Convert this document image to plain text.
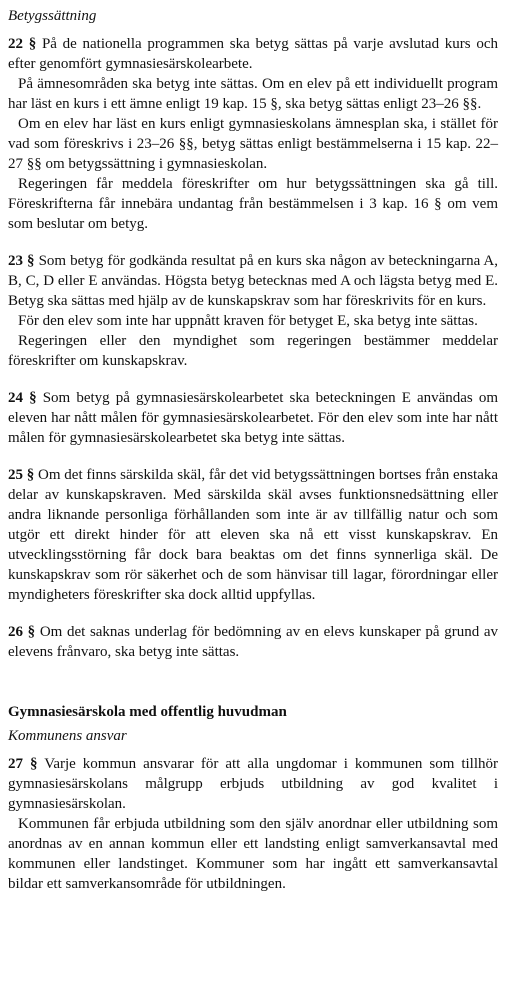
Betygssättning

22 § På de nationella programmen ska betyg sättas på varje avslutad kurs och efter genomfört gymnasiesärskolearbete.

På ämnesområden ska betyg inte sättas. Om en elev på ett individuellt program har läst en kurs i ett ämne enligt 19 kap. 15 §, ska betyg sättas enligt 23–26 §§.

Om en elev har läst en kurs enligt gymnasieskolans ämnesplan ska, i stället för vad som föreskrivs i 23–26 §§, betyg sättas enligt bestämmelserna i 15 kap. 22–27 §§ om betygssättning i gymnasieskolan.

Regeringen får meddela föreskrifter om hur betygssättningen ska gå till. Föreskrifterna får innebära undantag från bestämmelsen i 3 kap. 16 § om vem som beslutar om betyg.

23 § Som betyg för godkända resultat på en kurs ska någon av beteckningarna A, B, C, D eller E användas. Högsta betyg betecknas med A och lägsta betyg med E. Betyg ska sättas med hjälp av de kunskapskrav som har föreskrivits för en kurs.

För den elev som inte har uppnått kraven för betyget E, ska betyg inte sättas.

Regeringen eller den myndighet som regeringen bestämmer meddelar föreskrifter om kunskapskrav.

24 § Som betyg på gymnasiesärskolearbetet ska beteckningen E användas om eleven har nått målen för gymnasiesärskolearbetet. För den elev som inte har nått målen för gymnasiesärskolearbetet ska betyg inte sättas.

25 § Om det finns särskilda skäl, får det vid betygssättningen bortses från enstaka delar av kunskapskraven. Med särskilda skäl avses funktionsnedsättning eller andra liknande personliga förhållanden som inte är av tillfällig natur och som utgör ett direkt hinder för att eleven ska nå ett visst kunskapskrav. En utvecklingsstörning får dock bara beaktas om det finns synnerliga skäl. De kunskapskrav som rör säkerhet och de som hänvisar till lagar, förordningar eller myndigheters föreskrifter ska dock alltid uppfyllas.

26 § Om det saknas underlag för bedömning av en elevs kunskaper på grund av elevens frånvaro, ska betyg inte sättas.

Gymnasiesärskola med offentlig huvudman
Kommunens ansvar

27 § Varje kommun ansvarar för att alla ungdomar i kommunen som tillhör gymnasiesärskolans målgrupp erbjuds utbildning av god kvalitet i gymnasiesärskolan.

Kommunen får erbjuda utbildning som den själv anordnar eller utbildning som anordnas av en annan kommun eller ett landsting enligt samverkansavtal med kommunen eller landstinget. Kommuner som har ingått ett samverkansavtal bildar ett samverkansområde för utbildningen.
